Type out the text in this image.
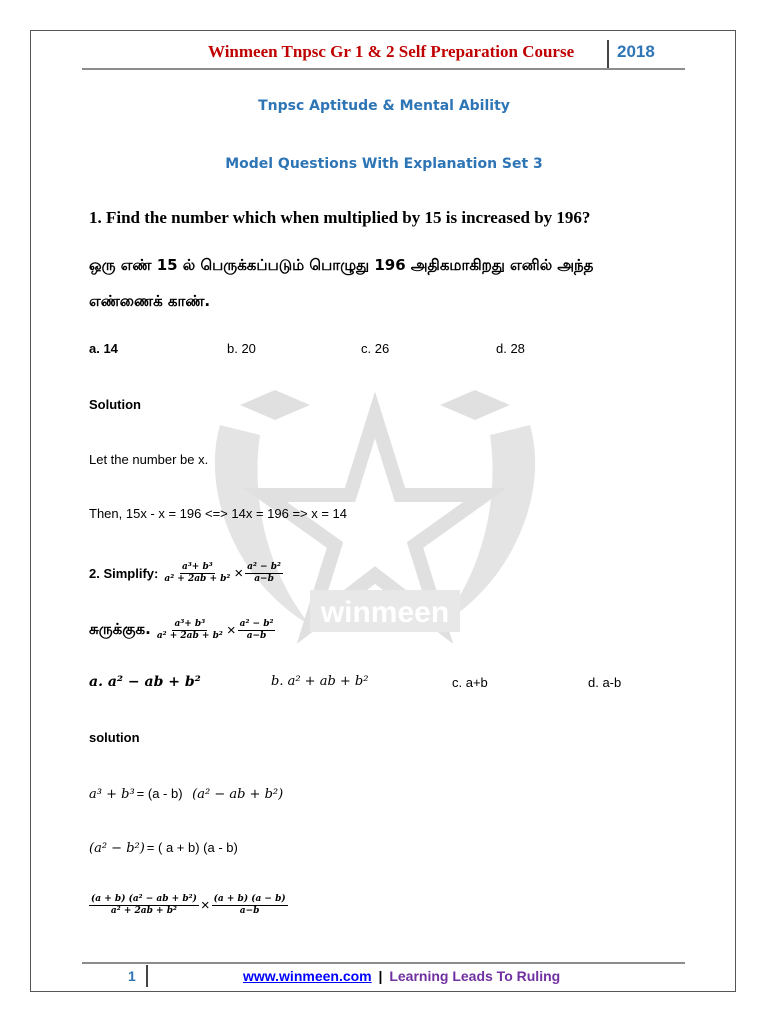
Winmeen Tnpsc Gr 1 & 2 Self Preparation Course	2018
winmeen
Tnpsc Aptitude & Mental Ability
Model Questions With Explanation Set 3
1. Find the number which when multiplied by 15 is increased by 196?
ஒரு எண் 15 ல் பெருக்கப்படும் பொழுது 196 அதிகமாகிறது எனில் அந்த
எண்ணைக் காண்.
a. 14	b. 20	c. 26	d. 28
Solution
Let the number be x.
Then, 15x - x = 196 <=> 14x = 196 => x = 14
2. Simplify: $\frac{\text{a³+ b³}}{\text{a² + 2ab + b²}} \times \frac{\text{a² − b²}}{a-b}$
சுருக்குக. $\frac{\text{a³+ b³}}{\text{a² + 2ab + b²}} \times \frac{\text{a² − b²}}{a-b}$
a. a² − ab + b²	b. a² + ab + b²	c. a+b	d. a-b
solution
a³ + b³ = (a - b) (a² − ab + b²)
(a² − b²) = ( a + b) (a - b)
$\frac{\text{(a + b) (a² − ab + b²)}}{\text{a² + 2ab + b²}} \times \frac{(a + b) (a - b)}{a-b}$
1	www.winmeen.com | Learning Leads To Ruling
